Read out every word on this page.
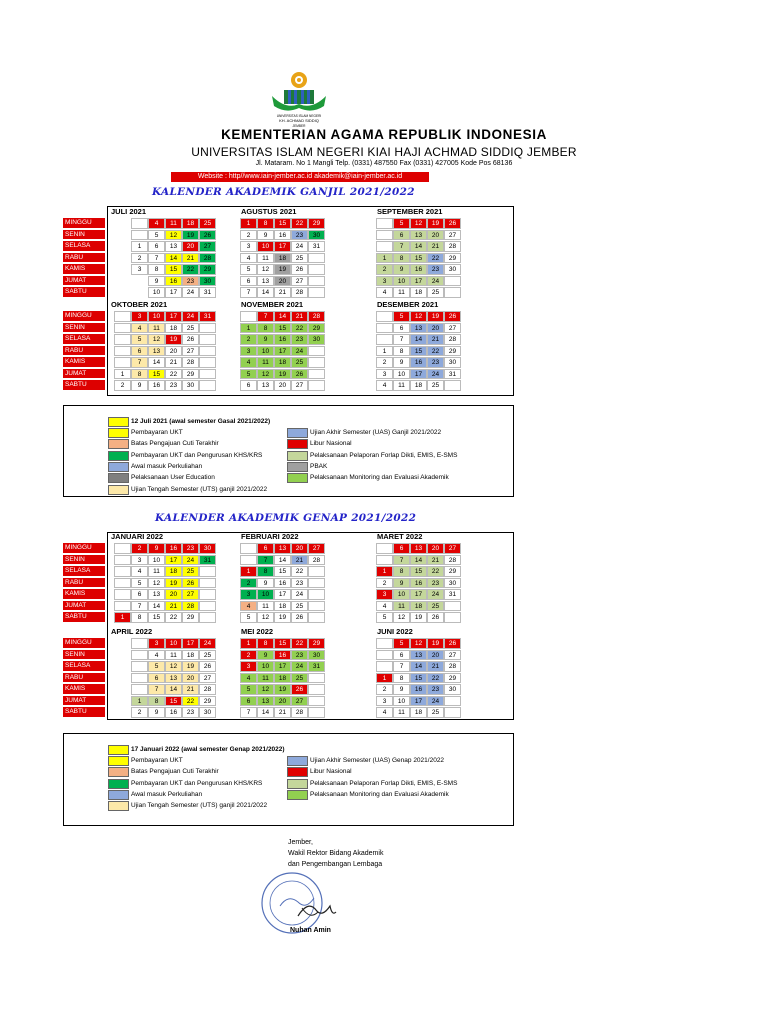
UNIVERSITAS ISLAM NEGERI
KH. ACHMAD SIDDIQ
JEMBER
KEMENTERIAN AGAMA REPUBLIK INDONESIA
UNIVERSITAS ISLAM NEGERI KIAI HAJI ACHMAD SIDDIQ JEMBER
Jl. Mataram. No 1 Mangli Telp. (0331) 487550 Fax (0331) 427005 Kode Pos 68136
Website : http//www.iain-jember.ac.id akademik@iain-jember.ac.id
KALENDER AKADEMIK GANJIL 2021/2022
MINGGU
SENIN
SELASA
RABU
KAMIS
JUMAT
SABTU
MINGGU
SENIN
SELASA
RABU
KAMIS
JUMAT
SABTU
JULI 2021
1
2
3
4
5
6
7
8
9
10
11
12
13
14
15
16
17
18
19
20
21
22
23
24
25
26
27
28
29
30
31
AGUSTUS 2021
1
2
3
4
5
6
7
8
9
10
11
12
13
14
15
16
17
18
19
20
21
22
23
24
25
26
27
28
29
30
31
SEPTEMBER 2021
1
2
3
4
5
6
7
8
9
10
11
12
13
14
15
16
17
18
19
20
21
22
23
24
25
26
27
28
29
30
OKTOBER 2021
1
2
3
4
5
6
7
8
9
10
11
12
13
14
15
16
17
18
19
20
21
22
23
24
25
26
27
28
29
30
31
NOVEMBER 2021
1
2
3
4
5
6
7
8
9
10
11
12
13
14
15
16
17
18
19
20
21
22
23
24
25
26
27
28
29
30
DESEMBER 2021
1
2
3
4
5
6
7
8
9
10
11
12
13
14
15
16
17
18
19
20
21
22
23
24
25
26
27
28
29
30
31
12 Juli 2021 (awal semester Gasal 2021/2022)
Pembayaran UKT
Batas Pengajuan Cuti Terakhir
Pembayaran UKT dan Pengurusan KHS/KRS
Awal masuk Perkuliahan
Pelaksanaan User Education
Ujian Tengah Semester (UTS) ganjil 2021/2022
Ujian Akhir Semester (UAS) Ganjil 2021/2022
Libur Nasional
Pelaksanaan Pelaporan Forlap Dikti, EMIS, E-SMS
PBAK
Pelaksanaan Monitoring dan Evaluasi Akademik
KALENDER AKADEMIK GENAP 2021/2022
MINGGU
SENIN
SELASA
RABU
KAMIS
JUMAT
SABTU
MINGGU
SENIN
SELASA
RABU
KAMIS
JUMAT
SABTU
JANUARI 2022
1
2
3
4
5
6
7
8
9
10
11
12
13
14
15
16
17
18
19
20
21
22
23
24
25
26
27
28
29
30
31
FEBRUARI 2022
1
2
3
4
5
6
7
8
9
10
11
12
13
14
15
16
17
18
19
20
21
22
23
24
25
26
27
28
MARET 2022
1
2
3
4
5
6
7
8
9
10
11
12
13
14
15
16
17
18
19
20
21
22
23
24
25
26
27
28
29
30
31
APRIL 2022
1
2
3
4
5
6
7
8
9
10
11
12
13
14
15
16
17
18
19
20
21
22
23
24
25
26
27
28
29
30
MEI 2022
1
2
3
4
5
6
7
8
9
10
11
12
13
14
15
16
17
18
19
20
21
22
23
24
25
26
27
28
29
30
31
JUNI 2022
1
2
3
4
5
6
7
8
9
10
11
12
13
14
15
16
17
18
19
20
21
22
23
24
25
26
27
28
29
30
17 Januari 2022 (awal semester Genap 2021/2022)
Pembayaran UKT
Batas Pengajuan Cuti Terakhir
Pembayaran UKT dan Pengurusan KHS/KRS
Awal masuk Perkuliahan
Ujian Tengah Semester (UTS) ganjil 2021/2022
Ujian Akhir Semester (UAS) Genap 2021/2022
Libur Nasional
Pelaksanaan Pelaporan Forlap Dikti, EMIS, E-SMS
Pelaksanaan Monitoring dan Evaluasi Akademik
Jember,
Wakil Rektor Bidang Akademik
dan Pengembangan Lembaga
Nuhan Amin
